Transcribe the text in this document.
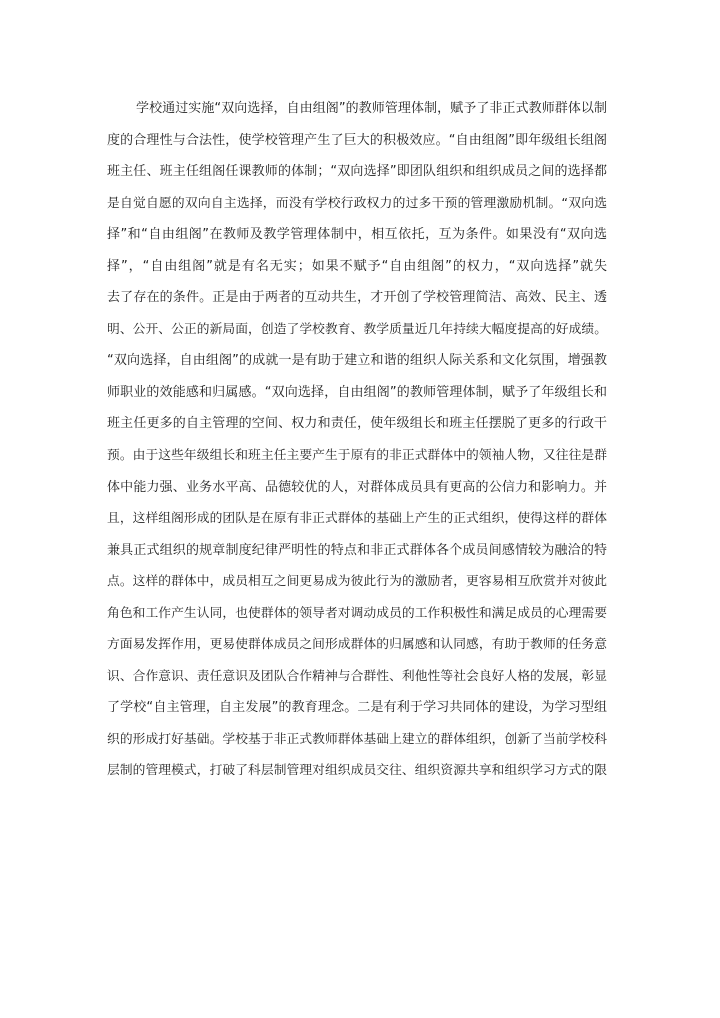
学校通过实施“双向选择，自由组阁”的教师管理体制，赋予了非正式教师群体以制
度的合理性与合法性，使学校管理产生了巨大的积极效应。“自由组阁”即年级组长组阁
班主任、班主任组阁任课教师的体制；“双向选择”即团队组织和组织成员之间的选择都
是自觉自愿的双向自主选择，而没有学校行政权力的过多干预的管理激励机制。“双向选
择”和“自由组阁”在教师及教学管理体制中，相互依托，互为条件。如果没有“双向选
择”，“自由组阁”就是有名无实；如果不赋予“自由组阁”的权力，“双向选择”就失
去了存在的条件。正是由于两者的互动共生，才开创了学校管理简洁、高效、民主、透
明、公开、公正的新局面，创造了学校教育、教学质量近几年持续大幅度提高的好成绩。
“双向选择，自由组阁”的成就一是有助于建立和谐的组织人际关系和文化氛围，增强教
师职业的效能感和归属感。“双向选择，自由组阁”的教师管理体制，赋予了年级组长和
班主任更多的自主管理的空间、权力和责任，使年级组长和班主任摆脱了更多的行政干
预。由于这些年级组长和班主任主要产生于原有的非正式群体中的领袖人物，又往往是群
体中能力强、业务水平高、品德较优的人，对群体成员具有更高的公信力和影响力。并
且，这样组阁形成的团队是在原有非正式群体的基础上产生的正式组织，使得这样的群体
兼具正式组织的规章制度纪律严明性的特点和非正式群体各个成员间感情较为融洽的特
点。这样的群体中，成员相互之间更易成为彼此行为的激励者，更容易相互欣赏并对彼此
角色和工作产生认同，也使群体的领导者对调动成员的工作积极性和满足成员的心理需要
方面易发挥作用，更易使群体成员之间形成群体的归属感和认同感，有助于教师的任务意
识、合作意识、责任意识及团队合作精神与合群性、利他性等社会良好人格的发展，彰显
了学校“自主管理，自主发展”的教育理念。二是有利于学习共同体的建设，为学习型组
织的形成打好基础。学校基于非正式教师群体基础上建立的群体组织，创新了当前学校科
层制的管理模式，打破了科层制管理对组织成员交往、组织资源共享和组织学习方式的限
